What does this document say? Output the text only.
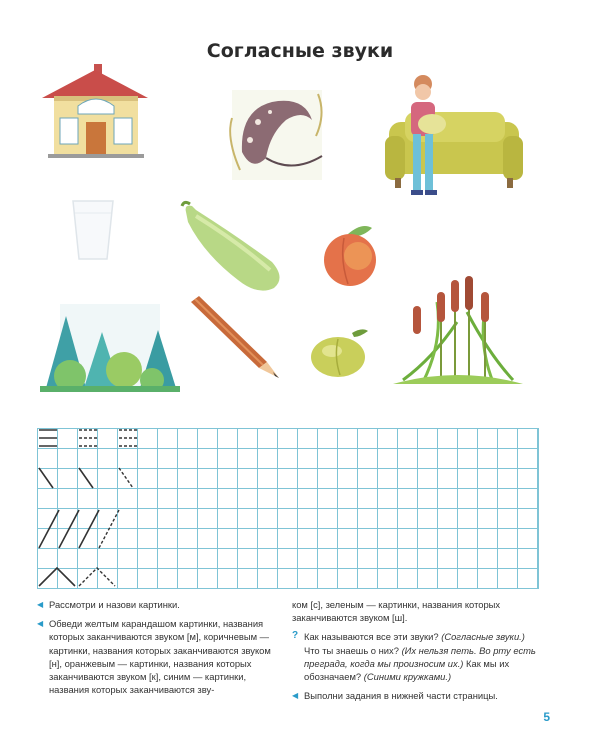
Согласные звуки

◀ Рассмотри и назови картинки.

◀ Обведи желтым карандашом картинки, названия которых заканчиваются звуком [м], коричневым — картинки, названия которых заканчиваются звуком [н], оранжевым — картинки, названия которых заканчиваются звуком [к], синим — картинки, названия которых заканчиваются зву-

ком [с], зеленым — картинки, названия которых заканчиваются звуком [ш].

? Как называются все эти звуки? (Согласные звуки.) Что ты знаешь о них? (Их нельзя петь. Во рту есть преграда, когда мы произносим их.) Как мы их обозначаем? (Синими кружками.)

◀ Выполни задания в нижней части страницы.

5
